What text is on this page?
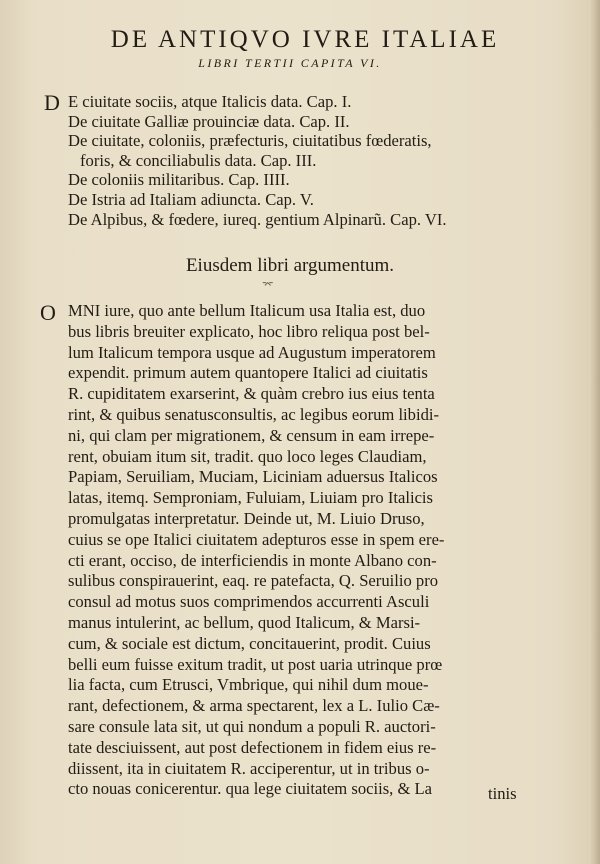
DE ANTIQVO IVRE ITALIAE
LIBRI TERTII CAPITA VI.
D E ciuitate sociis, atque Italicis data. Cap. I.
De ciuitate Galliæ prouinciæ data. Cap. II.
De ciuitate, coloniis, præfecturis, ciuitatibus fœderatis,
foris, & conciliabulis data. Cap. III.
De coloniis militaribus. Cap. IIII.
De Istria ad Italiam adiuncta. Cap. V.
De Alpibus, & fœdere, iureq. gentium Alpinarũ. Cap. VI.
Eiusdem libri argumentum.
⌤
O MNI iure, quo ante bellum Italicum usa Italia est, duo
bus libris breuiter explicato, hoc libro reliqua post bel-
lum Italicum tempora usque ad Augustum imperatorem
expendit. primum autem quantopere Italici ad ciuitatis
R. cupiditatem exarserint, & quàm crebro ius eius tenta
rint, & quibus senatusconsultis, ac legibus eorum libidi-
ni, qui clam per migrationem, & censum in eam irrepe-
rent, obuiam itum sit, tradit. quo loco leges Claudiam,
Papiam, Seruiliam, Muciam, Liciniam aduersus Italicos
latas, itemq. Semproniam, Fuluiam, Liuiam pro Italicis
promulgatas interpretatur. Deinde ut, M. Liuio Druso,
cuius se ope Italici ciuitatem adepturos esse in spem ere-
cti erant, occiso, de interficiendis in monte Albano con-
sulibus conspirauerint, eaq. re patefacta, Q. Seruilio pro
consul ad motus suos comprimendos accurrenti Asculi
manus intulerint, ac bellum, quod Italicum, & Marsi-
cum, & sociale est dictum, concitauerint, prodit. Cuius
belli eum fuisse exitum tradit, ut post uaria utrinque prœ
lia facta, cum Etrusci, Vmbrique, qui nihil dum moue-
rant, defectionem, & arma spectarent, lex a L. Iulio Cæ-
sare consule lata sit, ut qui nondum a populi R. auctori-
tate desciuissent, aut post defectionem in fidem eius re-
diissent, ita in ciuitatem R. acciperentur, ut in tribus o-
cto nouas conicerentur. qua lege ciuitatem sociis, & La	tinis
